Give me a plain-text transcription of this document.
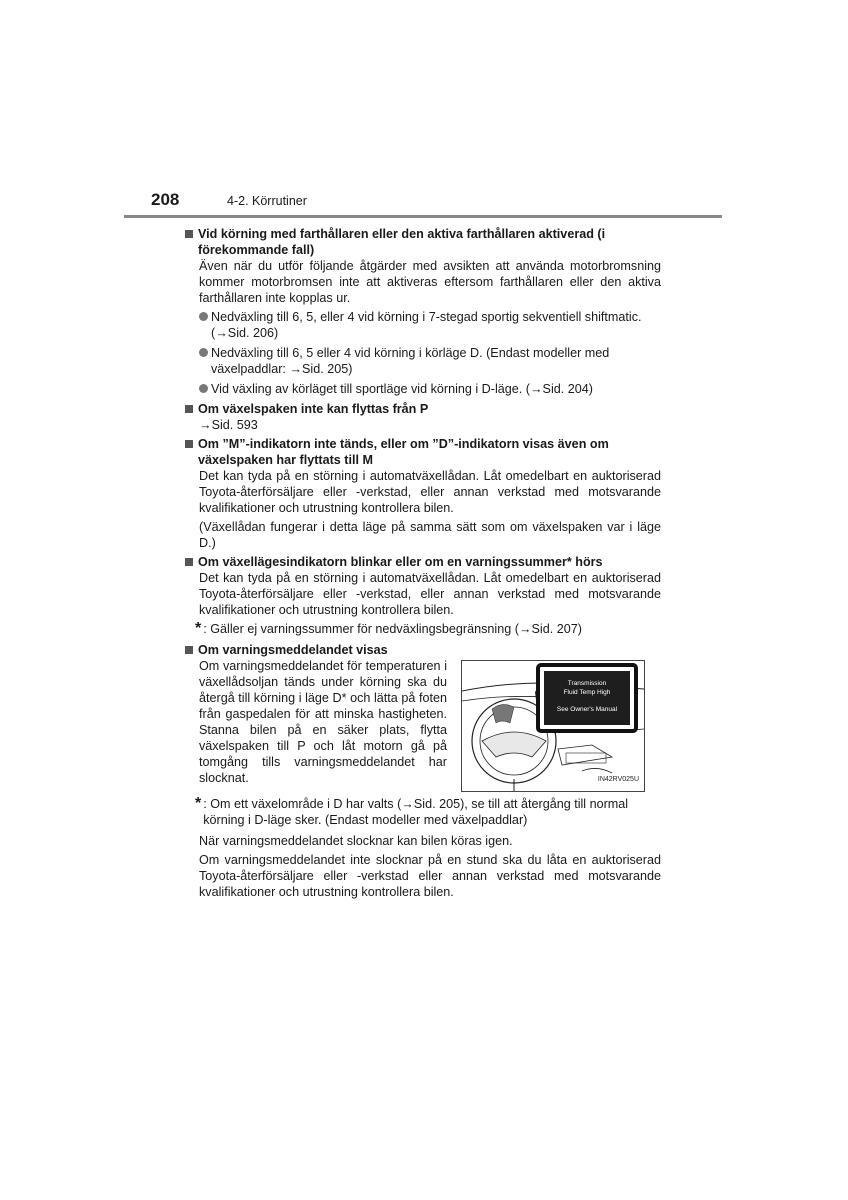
208	4-2. Körrutiner
Vid körning med farthållaren eller den aktiva farthållaren aktiverad (i förekommande fall)

Även när du utför följande åtgärder med avsikten att använda motorbromsning kommer motorbromsen inte att aktiveras eftersom farthållaren eller den aktiva farthållaren inte kopplas ur.

Nedväxling till 6, 5, eller 4 vid körning i 7-stegad sportig sekventiell shiftmatic. (→Sid. 206)
Nedväxling till 6, 5 eller 4 vid körning i körläge D. (Endast modeller med växelpaddlar: →Sid. 205)
Vid växling av körläget till sportläge vid körning i D-läge. (→Sid. 204)
Om växelspaken inte kan flyttas från P

→Sid. 593

Om ”M”-indikatorn inte tänds, eller om ”D”-indikatorn visas även om växelspaken har flyttats till M

Det kan tyda på en störning i automatväxellådan. Låt omedelbart en auktoriserad Toyota-återförsäljare eller -verkstad, eller annan verkstad med motsvarande kvalifikationer och utrustning kontrollera bilen.

(Växellådan fungerar i detta läge på samma sätt som om växelspaken var i läge D.)

Om växellägesindikatorn blinkar eller om en varningssummer* hörs

Det kan tyda på en störning i automatväxellådan. Låt omedelbart en auktoriserad Toyota-återförsäljare eller -verkstad, eller annan verkstad med motsvarande kvalifikationer och utrustning kontrollera bilen.

* : Gäller ej varningssummer för nedväxlingsbegränsning (→Sid. 207)
Om varningsmeddelandet visas

Om varningsmeddelandet för temperaturen i växellådsoljan tänds under körning ska du återgå till körning i läge D* och lätta på foten från gaspedalen för att minska hastigheten. Stanna bilen på en säker plats, flytta växelspaken till P och låt motorn gå på tomgång tills varningsmeddelandet har slocknat.

Transmission
Fluid Temp High
See Owner's Manual
IN42RV025U
* : Om ett växelområde i D har valts (→Sid. 205), se till att återgång till normal körning i D-läge sker. (Endast modeller med växelpaddlar)

När varningsmeddelandet slocknar kan bilen köras igen.

Om varningsmeddelandet inte slocknar på en stund ska du låta en auktoriserad Toyota-återförsäljare eller -verkstad eller annan verkstad med motsvarande kvalifikationer och utrustning kontrollera bilen.
